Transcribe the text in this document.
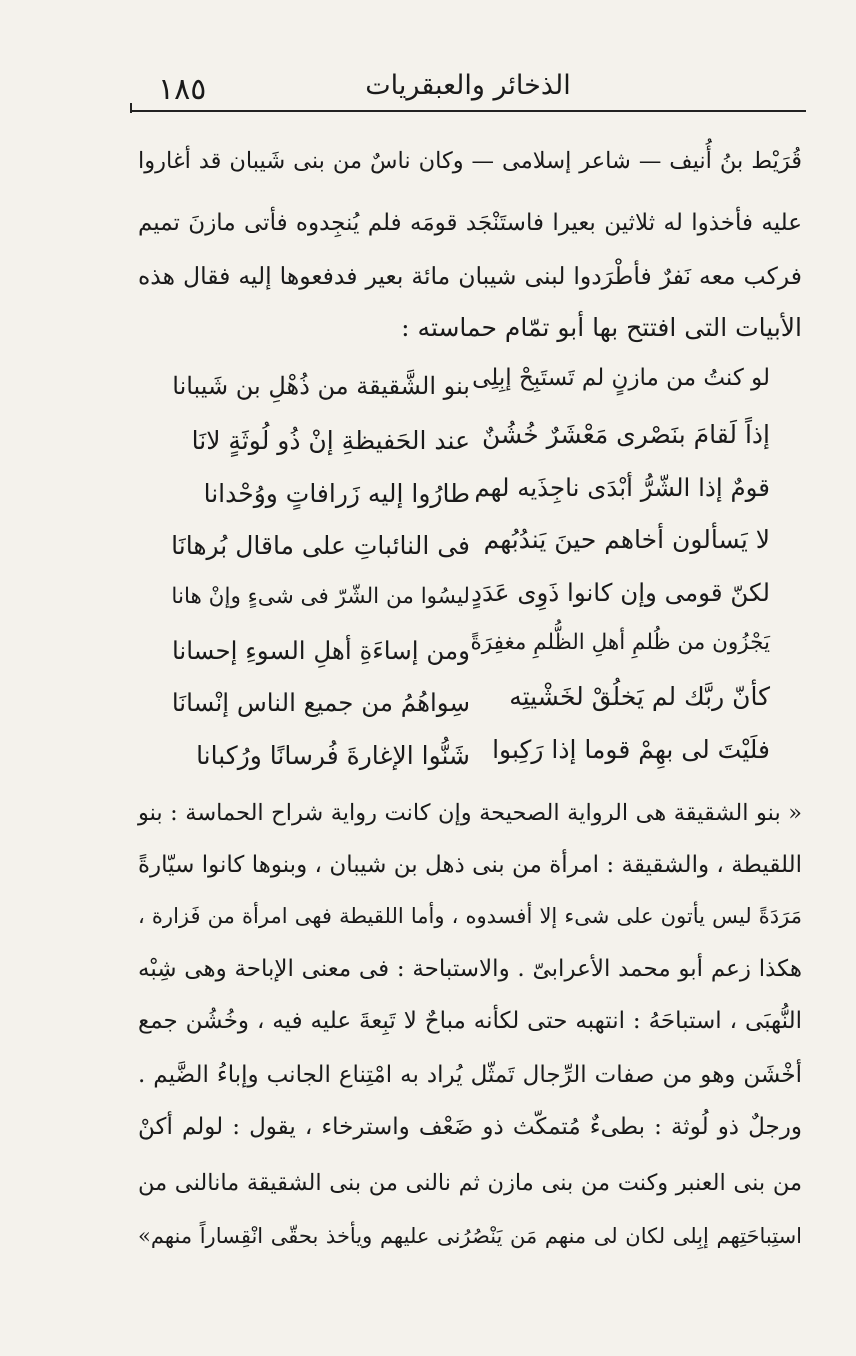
١٨٥	الذخائر والعبقريات
قُرَيْط بنُ أُنيف — شاعر إسلامى — وكان ناسٌ من بنى شَيبان قد أغاروا
عليه فأخذوا له ثلاثين بعيرا فاستَنْجَد قومَه فلم يُنجِدوه فأتى مازنَ تميم
فركب معه نَفرٌ فأطْرَدوا لبنى شيبان مائة بعير فدفعوها إليه فقال هذه
الأبيات التى افتتح بها أبو تمّام حماسته :
لو كنتُ من مازنٍ لم تَستَبِحْ إبِلِى
بنو الشَّقيقة من ذُهْلِ بن شَيبانا
إذاً لَقامَ بنَصْرى مَعْشَرٌ خُشُنٌ
عند الحَفيظةِ إنْ ذُو لُوثَةٍ لانَا
قومٌ إذا الشّرُّ أبْدَى ناجِذَيه لهم
طارُوا إليه زَرافاتٍ ووُحْدانا
لا يَسألون أخاهم حينَ يَندُبُهم
فى النائباتِ على ماقال بُرهانَا
لكنّ قومى وإن كانوا ذَوِى عَدَدٍ
ليسُوا من الشّرّ فى شىءٍ وإنْ هانا
يَجْزُون من ظُلمِ أهلِ الظُّلمِ مغفِرَةً
ومن إساءَةِ أهلِ السوءِ إحسانا
كأنّ ربَّك لم يَخلُقْ لخَشْيتِه
سِواهُمُ من جميع الناس إنْسانَا
فلَيْتَ لى بهِمْ قوما إذا رَكِبوا
شَنُّوا الإغارةَ فُرسانًا ورُكبانا
« بنو الشقيقة هى الرواية الصحيحة وإن كانت رواية شراح الحماسة : بنو
اللقيطة ، والشقيقة : امرأة من بنى ذهل بن شيبان ، وبنوها كانوا سيّارةً
مَرَدَةً ليس يأتون على شىء إلا أفسدوه ، وأما اللقيطة فهى امرأة من فَزارة ،
هكذا زعم أبو محمد الأعرابىّ . والاستباحة : فى معنى الإباحة وهى شِبْه
النُّهبَى ، استباحَهُ : انتهبه حتى لكأنه مباحٌ لا تَبِعةَ عليه فيه ، وخُشُن جمع
أخْشَن وهو من صفات الرِّجال تَمثّل يُراد به امْتِناع الجانب وإباءُ الضَّيم .
ورجلٌ ذو لُوثة : بطىءٌ مُتمكّث ذو ضَعْف واسترخاء ، يقول : لولم أكنْ
من بنى العنبر وكنت من بنى مازن ثم نالنى من بنى الشقيقة مانالنى من
استِباحَتِهم إبِلى لكان لى منهم مَن يَنْصُرُنى عليهم ويأخذ بحقّى انْقِساراً منهم»
